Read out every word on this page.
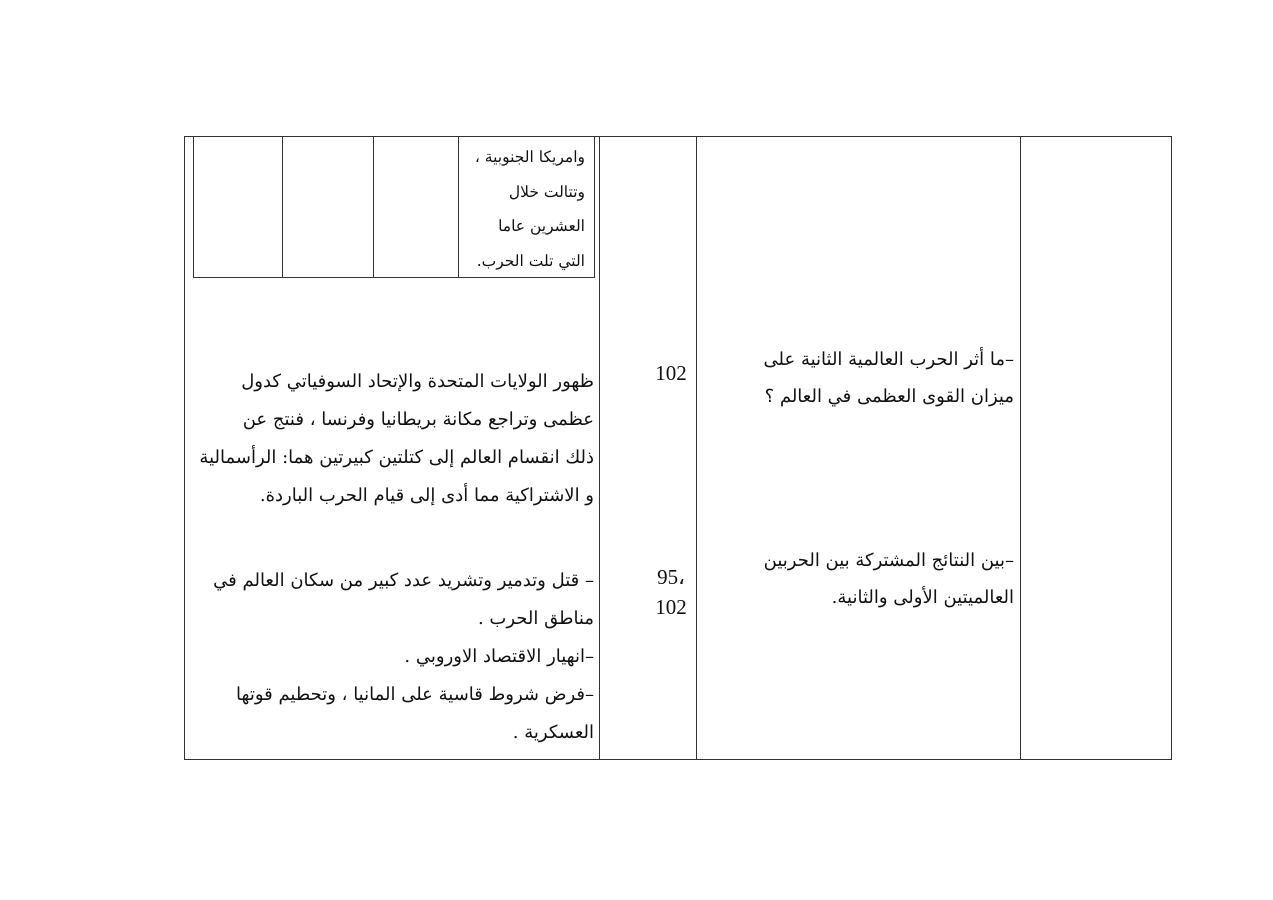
وامريكا الجنوبية ،
وتتالت خلال
العشرين عاما
التي تلت الحرب.
–ما أثر الحرب العالمية الثانية على
ميزان القوى العظمى في العالم ؟
102
ظهور الولايات المتحدة والإتحاد السوفياتي كدول
عظمى وتراجع مكانة بريطانيا وفرنسا ، فنتج عن
ذلك انقسام العالم إلى كتلتين كبيرتين هما: الرأسمالية
و الاشتراكية مما أدى إلى قيام الحرب الباردة.
–بين النتائج المشتركة بين الحربين
العالميتين الأولى والثانية.
95،
102
– قتل وتدمير وتشريد عدد كبير من سكان العالم في
مناطق الحرب .
–انهيار الاقتصاد الاوروبي .
–فرض شروط قاسية على المانيا ، وتحطيم قوتها
العسكرية .
